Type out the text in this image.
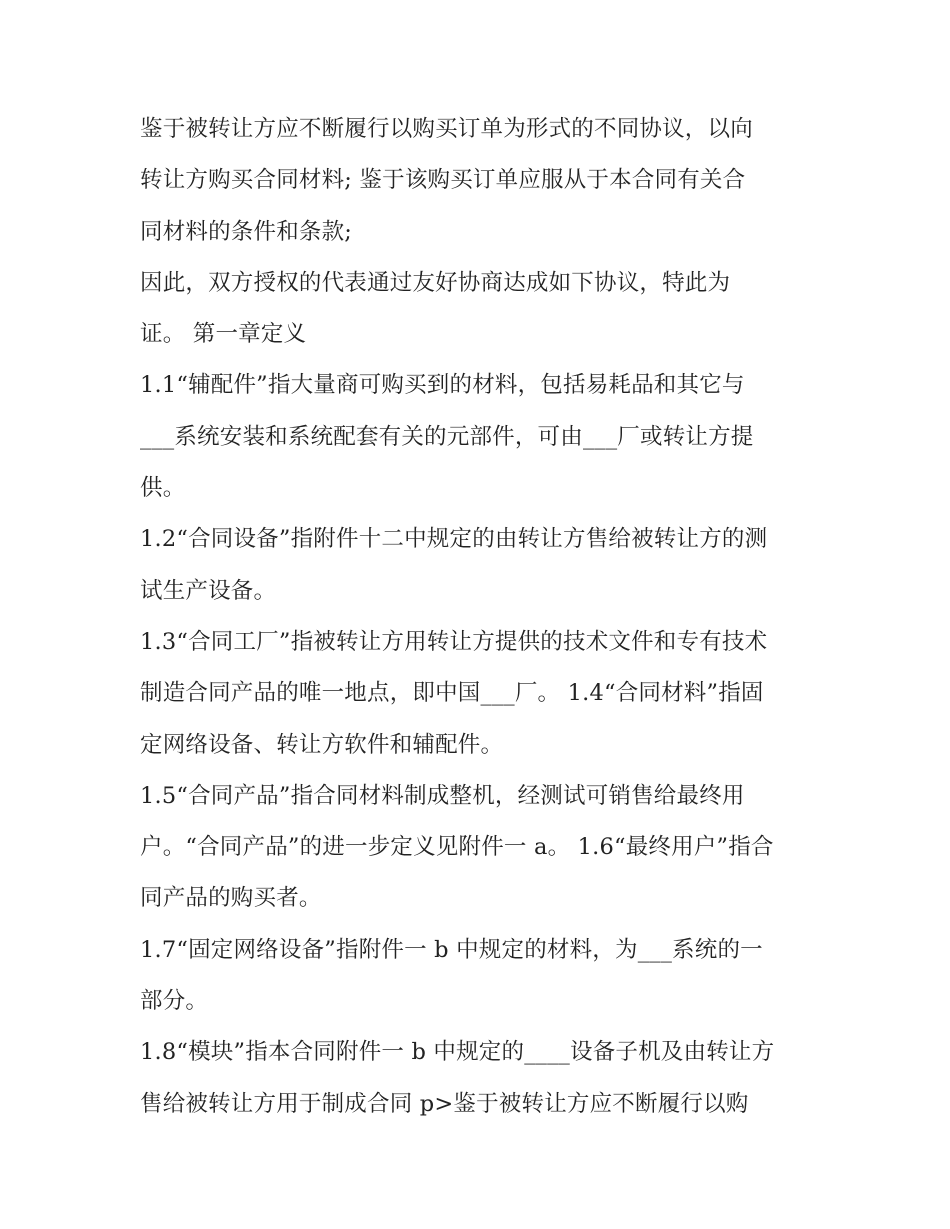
鉴于被转让方应不断履行以购买订单为形式的不同协议，以向
转让方购买合同材料; 鉴于该购买订单应服从于本合同有关合
同材料的条件和条款;
因此，双方授权的代表通过友好协商达成如下协议，特此为
证。 第一章定义
1.1“辅配件”指大量商可购买到的材料，包括易耗品和其它与
___系统安装和系统配套有关的元部件，可由___厂或转让方提
供。
1.2“合同设备”指附件十二中规定的由转让方售给被转让方的测
试生产设备。
1.3“合同工厂”指被转让方用转让方提供的技术文件和专有技术
制造合同产品的唯一地点，即中国___厂。 1.4“合同材料”指固
定网络设备、转让方软件和辅配件。
1.5“合同产品”指合同材料制成整机，经测试可销售给最终用
户。“合同产品”的进一步定义见附件一 a。 1.6“最终用户”指合
同产品的购买者。
1.7“固定网络设备”指附件一 b 中规定的材料，为___系统的一
部分。
1.8“模块”指本合同附件一 b 中规定的____设备子机及由转让方
售给被转让方用于制成合同 p>鉴于被转让方应不断履行以购
